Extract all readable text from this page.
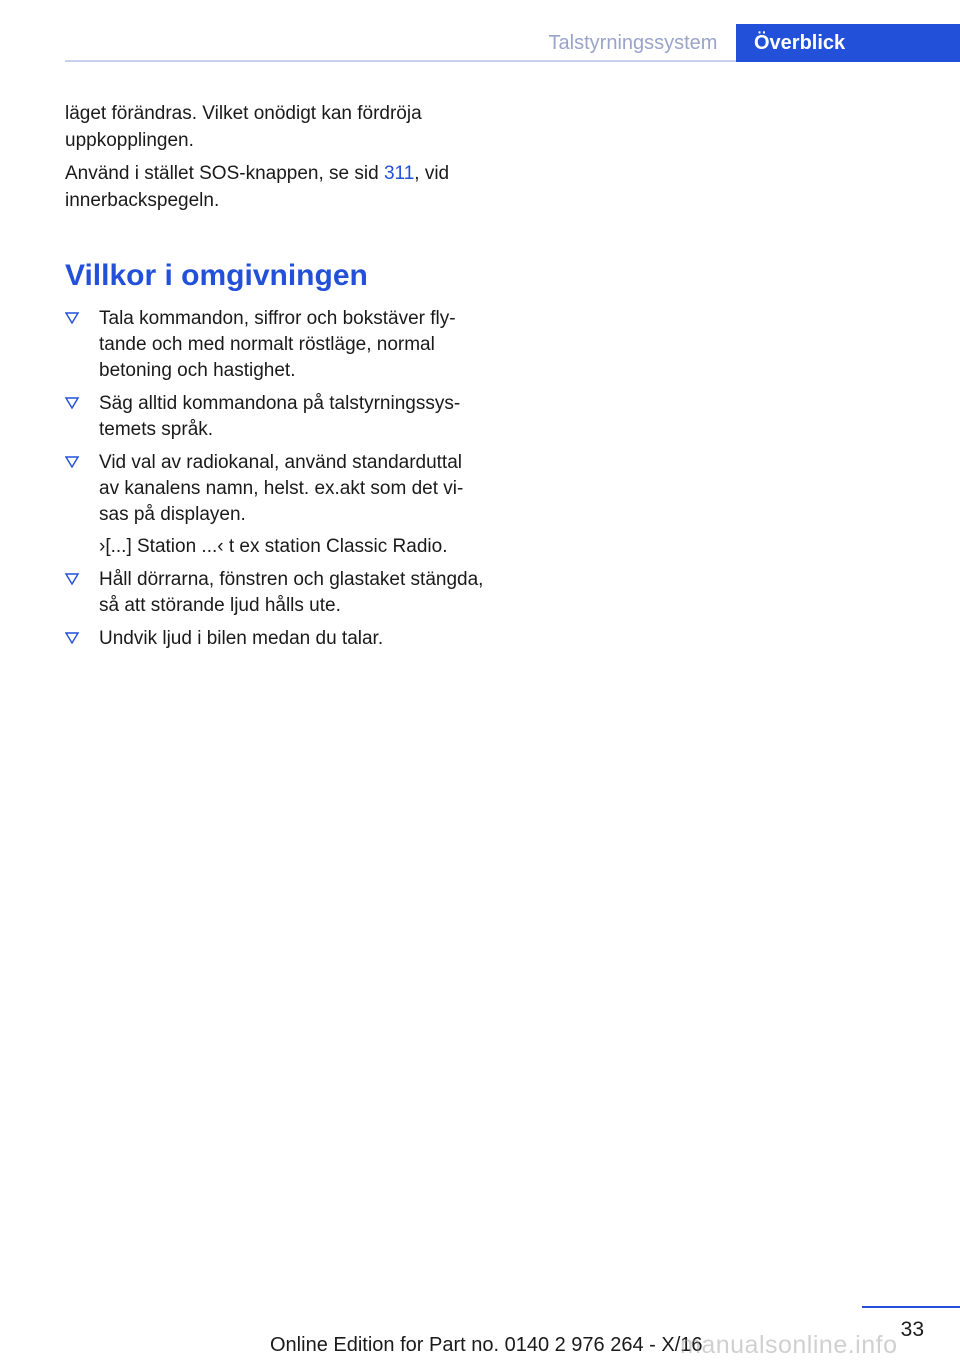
Talstyrningssystem	Överblick

läget förändras. Vilket onödigt kan fördröja uppkopplingen.

Använd i stället SOS-knappen, se sid 311, vid innerbackspegeln.

Villkor i omgivningen
Tala kommandon, siffror och bokstäver flytande och med normalt röstläge, normal betoning och hastighet.
Säg alltid kommandona på talstyrningssystemets språk.
Vid val av radiokanal, använd standarduttal av kanalens namn, helst. ex.akt som det visas på displayen.
›[...] Station ...‹ t ex station Classic Radio.
Håll dörrarna, fönstren och glastaket stängda, så att störande ljud hålls ute.
Undvik ljud i bilen medan du talar.
33
Online Edition for Part no. 0140 2 976 264 - X/16
manualsonline.info
